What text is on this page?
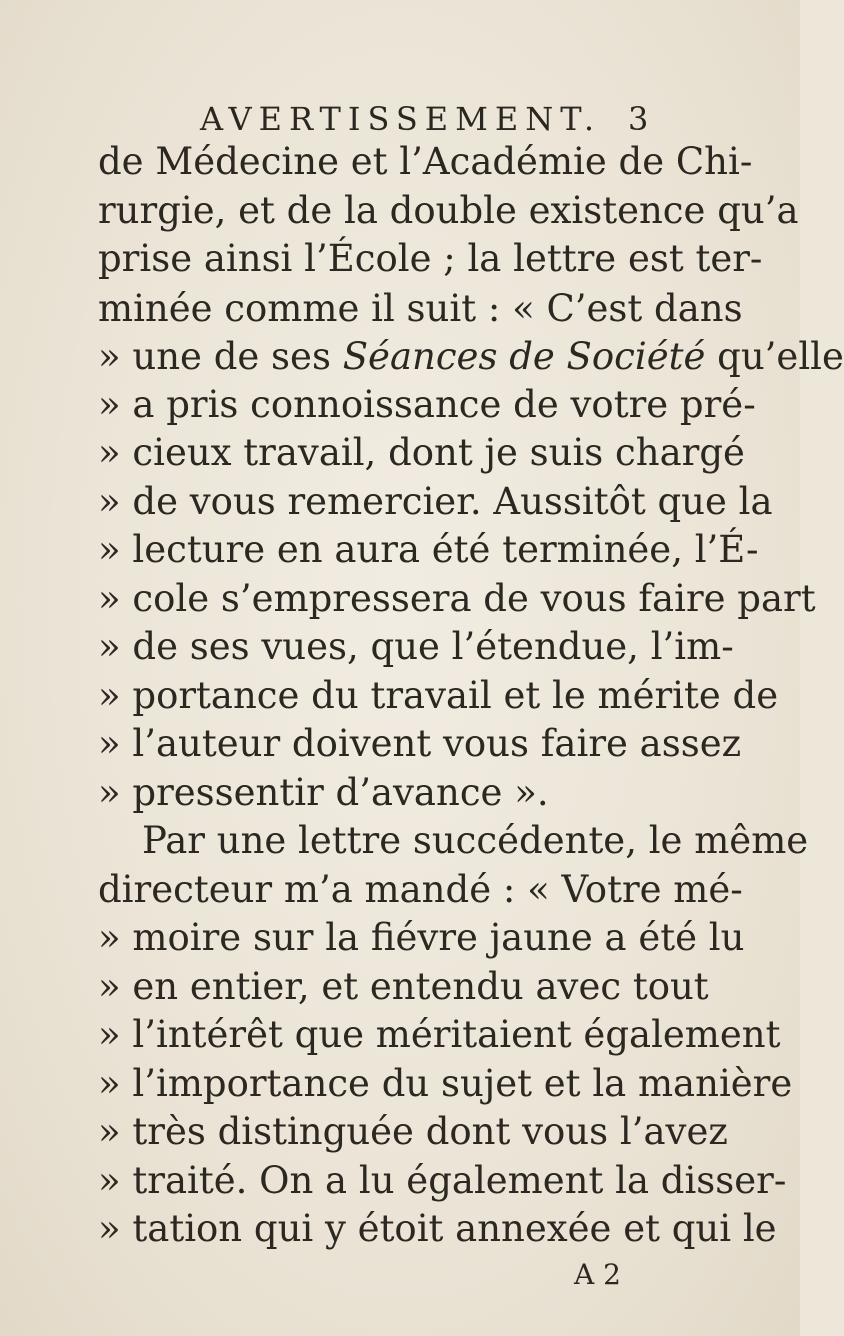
AVERTISSEMENT. 3
de Médecine et l’Académie de Chi-
rurgie, et de la double existence qu’a
prise ainsi l’École ; la lettre est ter-
minée comme il suit : « C’est dans
» une de ses Séances de Société qu’elle
» a pris connoissance de votre pré-
» cieux travail, dont je suis chargé
» de vous remercier. Aussitôt que la
» lecture en aura été terminée, l’É-
» cole s’empressera de vous faire part
» de ses vues, que l’étendue, l’im-
» portance du travail et le mérite de
» l’auteur doivent vous faire assez
» pressentir d’avance ».
Par une lettre succédente, le même
directeur m’a mandé : « Votre mé-
» moire sur la fiévre jaune a été lu
» en entier, et entendu avec tout
» l’intérêt que méritaient également
» l’importance du sujet et la manière
» très distinguée dont vous l’avez
» traité. On a lu également la disser-
» tation qui y étoit annexée et qui le
A 2
